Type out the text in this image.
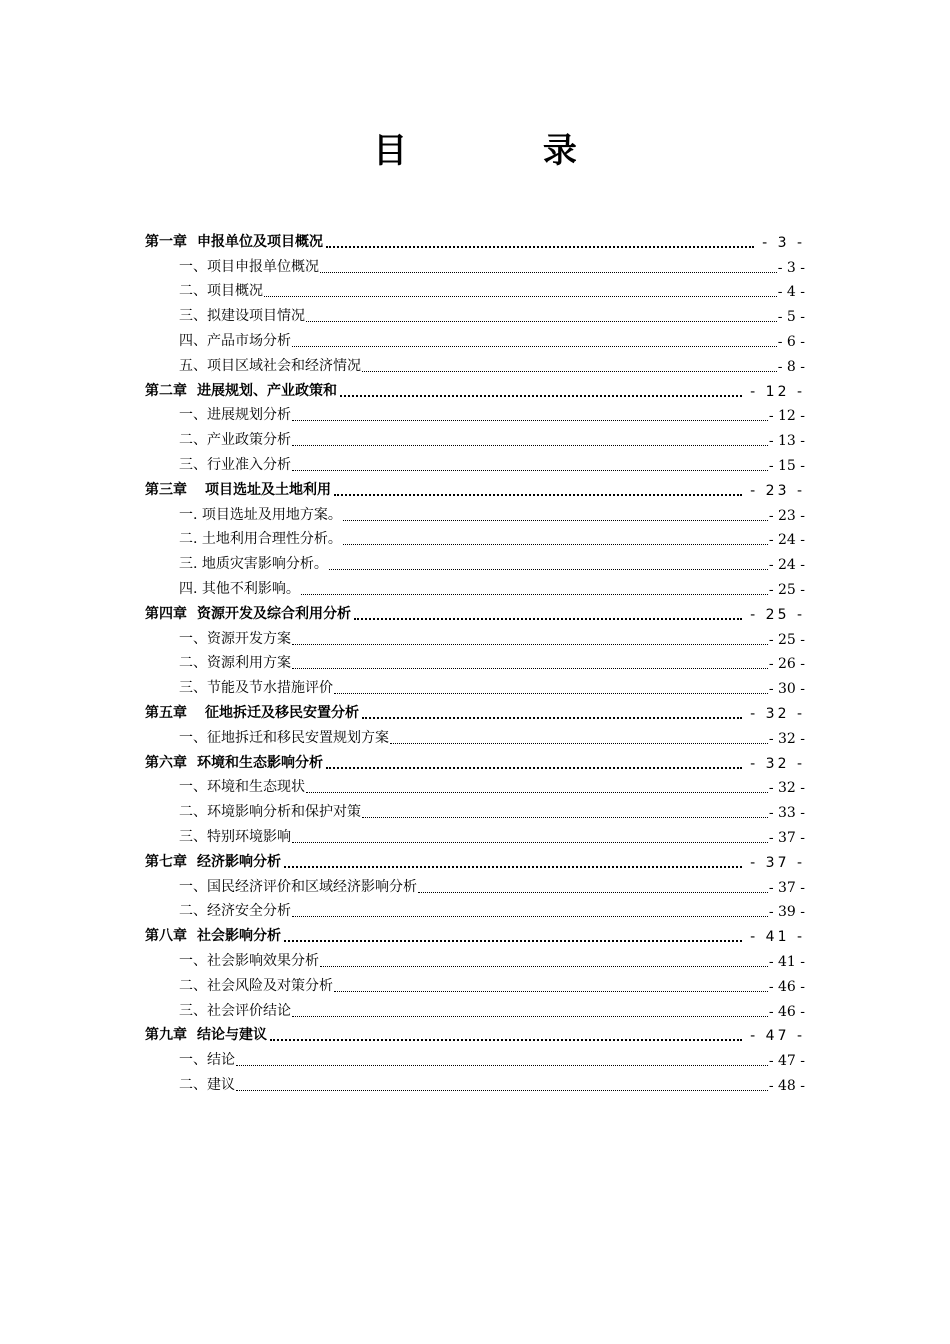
目 录
第一章 申报单位及项目概况	- 3 -
一、项目申报单位概况	- 3 -
二、项目概况	- 4 -
三、拟建设项目情况	- 5 -
四、产品市场分析	- 6 -
五、项目区域社会和经济情况	- 8 -
第二章 进展规划、产业政策和	- 12 -
一、进展规划分析	- 12 -
二、产业政策分析	- 13 -
三、行业准入分析	- 15 -
第三章 项目选址及土地利用	- 23 -
一. 项目选址及用地方案。	- 23 -
二. 土地利用合理性分析。	- 24 -
三. 地质灾害影响分析。	- 24 -
四. 其他不利影响。	- 25 -
第四章 资源开发及综合利用分析	- 25 -
一、资源开发方案	- 25 -
二、资源利用方案	- 26 -
三、节能及节水措施评价	- 30 -
第五章 征地拆迁及移民安置分析	- 32 -
一、征地拆迁和移民安置规划方案	- 32 -
第六章 环境和生态影响分析	- 32 -
一、环境和生态现状	- 32 -
二、环境影响分析和保护对策	- 33 -
三、特别环境影响	- 37 -
第七章 经济影响分析	- 37 -
一、国民经济评价和区域经济影响分析	- 37 -
二、经济安全分析	- 39 -
第八章 社会影响分析	- 41 -
一、社会影响效果分析	- 41 -
二、社会风险及对策分析	- 46 -
三、社会评价结论	- 46 -
第九章 结论与建议	- 47 -
一、结论	- 47 -
二、建议	- 48 -
